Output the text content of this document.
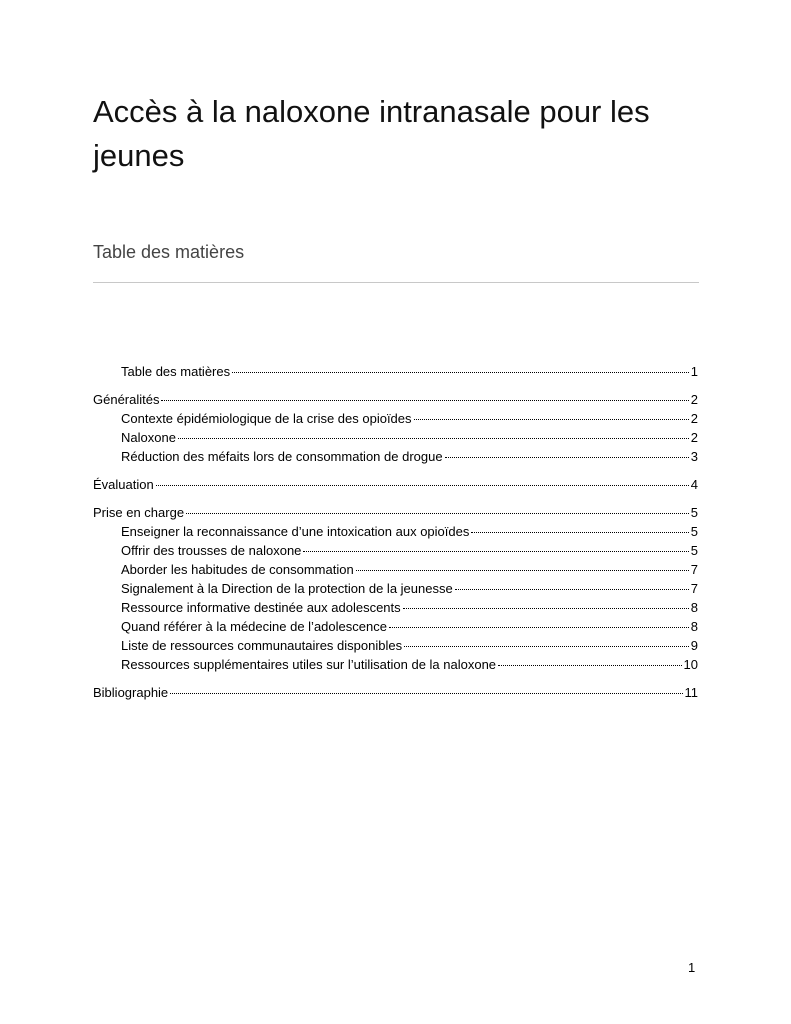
Accès à la naloxone intranasale pour les jeunes
Table des matières
Table des matières	1
Généralités	2
Contexte épidémiologique de la crise des opioïdes	2
Naloxone	2
Réduction des méfaits lors de consommation de drogue	3
Évaluation	4
Prise en charge	5
Enseigner la reconnaissance d’une intoxication aux opioïdes	5
Offrir des trousses de naloxone	5
Aborder les habitudes de consommation	7
Signalement à la Direction de la protection de la jeunesse	7
Ressource informative destinée aux adolescents	8
Quand référer à la médecine de l’adolescence	8
Liste de ressources communautaires disponibles	9
Ressources supplémentaires utiles sur l’utilisation de la naloxone	10
Bibliographie	11
1
